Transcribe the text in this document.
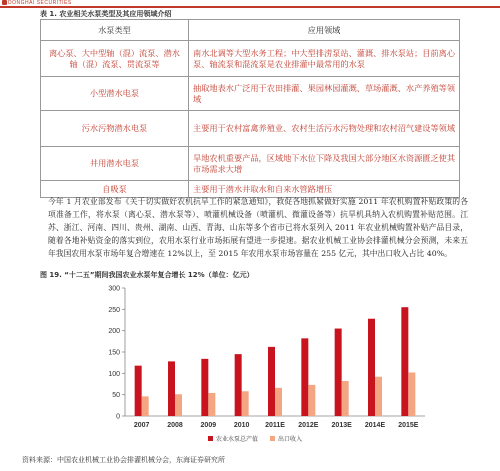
DONGHAI SECURITIES
表 1. 农业相关水泵类型及其应用领域介绍
水泵类型	应用领域
离心泵、大中型轴（混）流泵、潜水轴（混）流泵、贯流泵等	南水北调等大型水务工程；中大型排涝泵站、灌溉、排水泵站；目前离心泵、轴流泵和混流泵是农业排灌中最常用的水泵
小型潜水电泵	抽取地表水广泛用于农田排灌、果园林园灌溉、草场灌溉、水产养殖等领域
污水污物潜水电泵	主要用于农村富禽养殖业、农村生活污水污物处理和农村沼气建设等领域
井用潜水电泵	旱地农机重要产品，区域地下水位下降及我国大部分地区水资源匮乏使其市场需求大增
自吸泵	主要用于潜水井取水和自来水管路增压
今年 1 月农业部发布《关于切实做好农机抗旱工作的紧急通知》，救促各地抓紧做好实施 2011 年农机购置补贴政策的各项准备工作，将水泵（离心泵、潜水泵等）、喷灌机械设备（喷灌机、微灌设备等）抗旱机具纳入农机购置补贴范围。江苏、浙江、河南、四川、贵州、湖南、山西、青海、山东等多个省市已将水泵列入 2011 年农业机械购置补贴产品目录，随着各地补贴资金的落实到位，农用水泵行业市场拓展有望进一步提速。据农业机械工业协会排灌机械分会预测，未来五年我国农用水泵市场年复合增速在 12%以上，至 2015 年农用水泵市场容量在 255 亿元，其中出口收入占比 40%。
图 19. “十二五”期间我国农业水泵年复合增长 12%（单位：亿元）
0
50
100
150
200
250
300
2007	2008	2009	2010 2011E 2012E 2013E 2014E 2015E
农业水泵总产值	出口收入
资料来源：中国农业机械工业协会排灌机械分会，东海证券研究所
